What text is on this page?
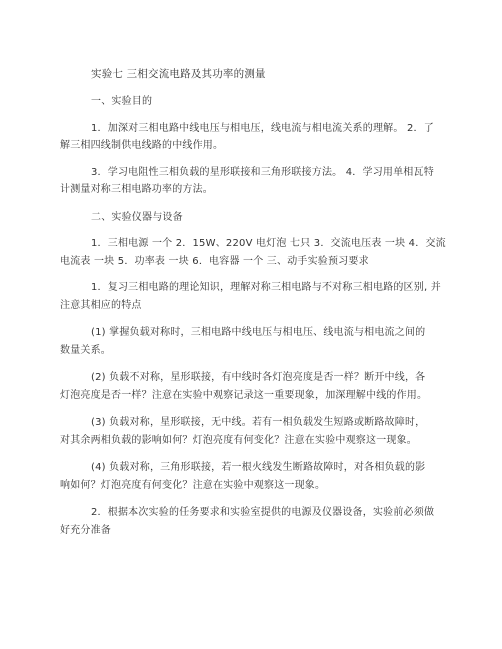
实验七 三相交流电路及其功率的测量
一、实验目的
1．加深对三相电路中线电压与相电压，线电流与相电流关系的理解。 2．了
解三相四线制供电线路的中线作用。
3．学习电阻性三相负载的星形联接和三角形联接方法。 4．学习用单相瓦特
计测量对称三相电路功率的方法。
二、实验仪器与设备
1．三相电源 一个 2．15W、220V 电灯泡 七只 3．交流电压表 一块 4．交流
电流表 一块 5．功率表 一块 6．电容器 一个 三、动手实验预习要求
1．复习三相电路的理论知识，理解对称三相电路与不对称三相电路的区别, 并
注意其相应的特点
(1) 掌握负载对称时，三相电路中线电压与相电压、线电流与相电流之间的
数量关系。
(2) 负载不对称，星形联接，有中线时各灯泡亮度是否一样？断开中线，各
灯泡亮度是否一样？注意在实验中观察记录这一重要现象，加深理解中线的作用。
(3) 负载对称，星形联接，无中线。若有一相负载发生短路或断路故障时，
对其余两相负载的影响如何？灯泡亮度有何变化？注意在实验中观察这一现象。
(4) 负载对称，三角形联接，若一根火线发生断路故障时，对各相负载的影
响如何？灯泡亮度有何变化？注意在实验中观察这一现象。
2．根据本次实验的任务要求和实验室提供的电源及仪器设备，实验前必须做
好充分准备
